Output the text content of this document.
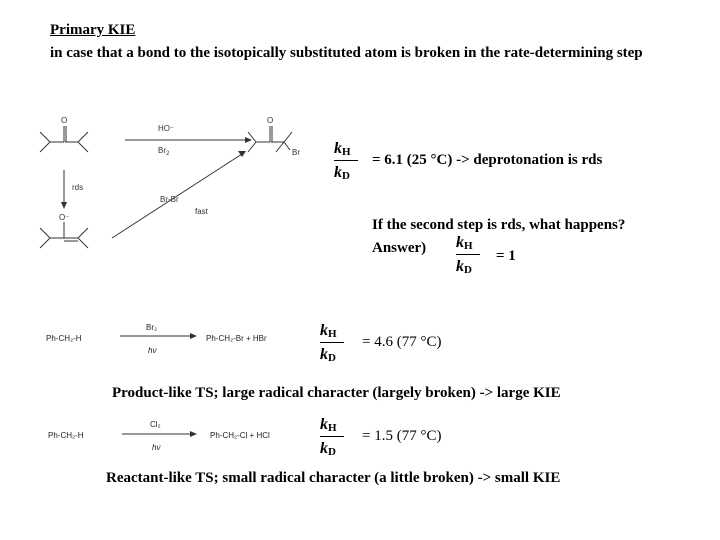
Primary KIE
in case that a bond to the isotopically substituted atom is broken in the rate-determining step
O
HO⁻
$Br_2$
O
Br
rds
O⁻
Br-Br
fast
$k_H$
$k_D$
= 6.1 (25 °C) -> deprotonation is rds
If the second step is rds, what happens?
Answer) $k_H$
$k_D$
= 1
Ph-CH₂-H
Br₂
hν
Ph-CH₂-Br + HBr	$k_H$
$k_D$
= 4.6 (77 °C)
Product-like TS; large radical character (largely broken) -> large KIE
Ph-CH₂-H
Cl₂
hν
Ph-CH₂-Cl + HCl
$k_H$
$k_D$
= 1.5 (77 °C)
Reactant-like TS; small radical character (a little broken) -> small KIE
